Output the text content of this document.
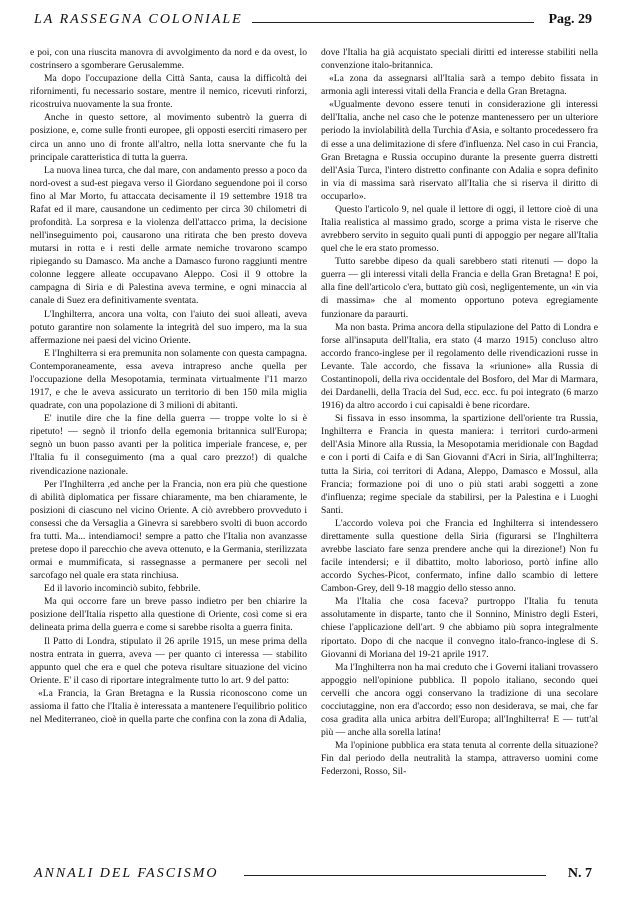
LA RASSEGNA COLONIALE	Pag. 29

e poi, con una riuscita manovra di avvolgimento da nord e da ovest, lo costrinsero a sgomberare Gerusalemme.

Ma dopo l'occupazione della Città Santa, causa la difficoltà dei rifornimenti, fu necessario sostare, mentre il nemico, ricevuti rinforzi, ricostruiva nuovamente la sua fronte.

Anche in questo settore, al movimento subentrò la guerra di posizione, e, come sulle fronti europee, gli opposti eserciti rimasero per circa un anno uno di fronte all'altro, nella lotta snervante che fu la principale caratteristica di tutta la guerra.

La nuova linea turca, che dal mare, con andamento presso a poco da nord-ovest a sud-est piegava verso il Giordano seguendone poi il corso fino al Mar Morto, fu attaccata decisamente il 19 settembre 1918 tra Rafat ed il mare, causandone un cedimento per circa 30 chilometri di profondità. La sorpresa e la violenza dell'attacco prima, la decisione nell'inseguimento poi, causarono una ritirata che ben presto doveva mutarsi in rotta e i resti delle armate nemiche trovarono scampo ripiegando su Damasco. Ma anche a Damasco furono raggiunti mentre colonne leggere alleate occupavano Aleppo. Così il 9 ottobre la campagna di Siria e di Palestina aveva termine, e ogni minaccia al canale di Suez era definitivamente sventata.

L'Inghilterra, ancora una volta, con l'aiuto dei suoi alleati, aveva potuto garantire non solamente la integrità del suo impero, ma la sua affermazione nei paesi del vicino Oriente.

E l'Inghilterra si era premunita non solamente con questa campagna. Contemporaneamente, essa aveva intrapreso anche quella per l'occupazione della Mesopotamia, terminata virtualmente l'11 marzo 1917, e che le aveva assicurato un territorio di ben 150 mila miglia quadrate, con una popolazione di 3 milioni di abitanti.

E' inutile dire che la fine della guerra — troppe volte lo si è ripetuto! — segnò il trionfo della egemonia britannica sull'Europa; segnò un buon passo avanti per la politica imperiale francese, e, per l'Italia fu il conseguimento (ma a qual caro prezzo!) di qualche rivendicazione nazionale.

Per l'Inghilterra ,ed anche per la Francia, non era più che questione di abilità diplomatica per fissare chiaramente, ma ben chiaramente, le posizioni di ciascuno nel vicino Oriente. A ciò avrebbero provveduto i consessi che da Versaglia a Ginevra si sarebbero svolti di buon accordo fra tutti. Ma... intendiamoci! sempre a patto che l'Italia non avanzasse pretese dopo il parecchio che aveva ottenuto, e la Germania, sterilizzata ormai e mummificata, si rassegnasse a permanere per secoli nel sarcofago nel quale era stata rinchiusa.

Ed il lavorio incominciò subito, febbrile.

Ma qui occorre fare un breve passo indietro per ben chiarire la posizione dell'Italia rispetto alla questione di Oriente, così come si era delineata prima della guerra e come si sarebbe risolta a guerra finita.

Il Patto di Londra, stipulato il 26 aprile 1915, un mese prima della nostra entrata in guerra, aveva — per quanto ci interessa — stabilito appunto quel che era e quel che poteva risultare situazione del vicino Oriente. E' il caso di riportare integralmente tutto lo art. 9 del patto:

«La Francia, la Gran Bretagna e la Russia riconoscono come un assioma il fatto che l'Italia è interessata a mantenere l'equilibrio politico nel Mediterraneo, cioè in quella parte che confina con la zona di Adalia,

dove l'Italia ha già acquistato speciali diritti ed interesse stabiliti nella convenzione italo-britannica.

«La zona da assegnarsi all'Italia sarà a tempo debito fissata in armonia agli interessi vitali della Francia e della Gran Bretagna.

«Ugualmente devono essere tenuti in considerazione gli interessi dell'Italia, anche nel caso che le potenze mantenessero per un ulteriore periodo la inviolabilità della Turchia d'Asia, e soltanto procedessero fra di esse a una delimitazione di sfere d'influenza. Nel caso in cui Francia, Gran Bretagna e Russia occupino durante la presente guerra distretti dell'Asia Turca, l'intero distretto confinante con Adalia e sopra definito in via di massima sarà riservato all'Italia che si riserva il diritto di occuparlo».

Questo l'articolo 9, nel quale il lettore di oggi, il lettore cioè di una Italia realistica al massimo grado, scorge a prima vista le riserve che avrebbero servito in seguito quali punti di appoggio per negare all'Italia quel che le era stato promesso.

Tutto sarebbe dipeso da quali sarebbero stati ritenuti — dopo la guerra — gli interessi vitali della Francia e della Gran Bretagna! E poi, alla fine dell'articolo c'era, buttato giù così, negligentemente, un «in via di massima» che al momento opportuno poteva egregiamente funzionare da paraurti.

Ma non basta. Prima ancora della stipulazione del Patto di Londra e forse all'insaputa dell'Italia, era stato (4 marzo 1915) concluso altro accordo franco-inglese per il regolamento delle rivendicazioni russe in Levante. Tale accordo, che fissava la «riunione» alla Russia di Costantinopoli, della riva occidentale del Bosforo, del Mar di Marmara, dei Dardanelli, della Tracia del Sud, ecc. ecc. fu poi integrato (6 marzo 1916) da altro accordo i cui capisaldi è bene ricordare.

Si fissava in esso insomma, la spartizione dell'oriente tra Russia, Inghilterra e Francia in questa maniera: i territori curdo-armeni dell'Asia Minore alla Russia, la Mesopotamia meridionale con Bagdad e con i porti di Caifa e di San Giovanni d'Acri in Siria, all'Inghilterra; tutta la Siria, coi territori di Adana, Aleppo, Damasco e Mossul, alla Francia; formazione poi di uno o più stati arabi soggetti a zone d'influenza; regime speciale da stabilirsi, per la Palestina e i Luoghi Santi.

L'accordo voleva poi che Francia ed Inghilterra si intendessero direttamente sulla questione della Siria (figurarsi se l'Inghilterra avrebbe lasciato fare senza prendere anche qui la direzione!) Non fu facile intendersi; e il dibattito, molto laborioso, portò infine allo accordo Syches-Picot, confermato, infine dallo scambio di lettere Cambon-Grey, dell 9-18 maggio dello stesso anno.

Ma l'Italia che cosa faceva? purtroppo l'Italia fu tenuta assolutamente in disparte, tanto che il Sonnino, Ministro degli Esteri, chiese l'applicazione dell'art. 9 che abbiamo più sopra integralmente riportato. Dopo di che nacque il convegno italo-franco-inglese di S. Giovanni di Moriana del 19-21 aprile 1917.

Ma l'Inghilterra non ha mai creduto che i Governi italiani trovassero appoggio nell'opinione pubblica. Il popolo italiano, secondo quei cervelli che ancora oggi conservano la tradizione di una secolare cocciutaggine, non era d'accordo; esso non desiderava, se mai, che far cosa gradita alla unica arbitra dell'Europa; all'Inghilterra! E — tutt'al più — anche alla sorella latina!

Ma l'opinione pubblica era stata tenuta al corrente della situazione? Fin dal periodo della neutralità la stampa, attraverso uomini come Federzoni, Rosso, Sil-

ANNALI DEL FASCISMO	N. 7
